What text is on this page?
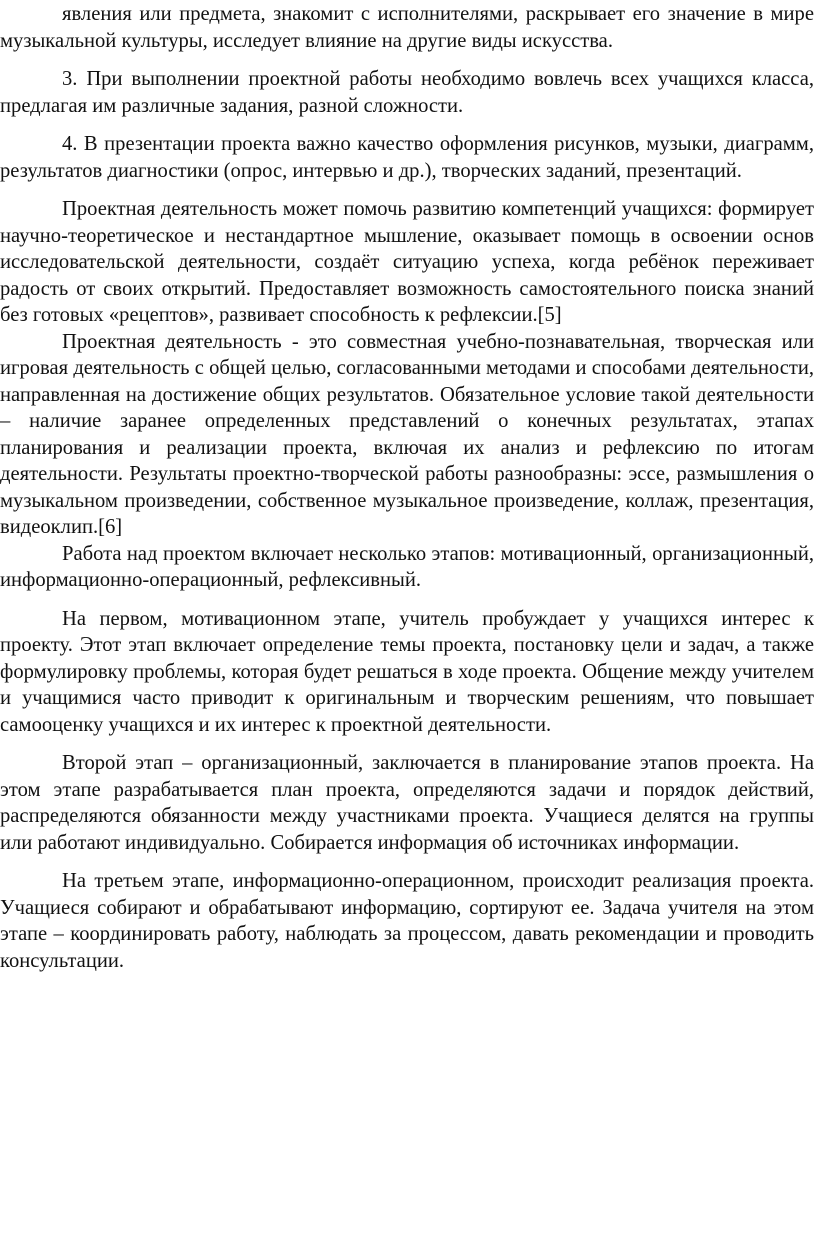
явления или предмета, знакомит с исполнителями, раскрывает его значение в мире музыкальной культуры, исследует влияние на другие виды искусства.

3. При выполнении проектной работы необходимо вовлечь всех учащихся класса, предлагая им различные задания, разной сложности.

4. В презентации проекта важно качество оформления рисунков, музыки, диаграмм, результатов диагностики (опрос, интервью и др.), творческих заданий, презентаций.

Проектная деятельность может помочь развитию компетенций учащихся: формирует научно-теоретическое и нестандартное мышление, оказывает помощь в освоении основ исследовательской деятельности, создаёт ситуацию успеха, когда ребёнок переживает радость от своих открытий. Предоставляет возможность самостоятельного поиска знаний без готовых «рецептов», развивает способность к рефлексии.[5]

Проектная деятельность - это совместная учебно-познавательная, творческая или игровая деятельность с общей целью, согласованными методами и способами деятельности, направленная на достижение общих результатов. Обязательное условие такой деятельности – наличие заранее определенных представлений о конечных результатах, этапах планирования и реализации проекта, включая их анализ и рефлексию по итогам деятельности. Результаты проектно-творческой работы разнообразны: эссе, размышления о музыкальном произведении, собственное музыкальное произведение, коллаж, презентация, видеоклип.[6]

Работа над проектом включает несколько этапов: мотивационный, организационный, информационно-операционный, рефлексивный.

На первом, мотивационном этапе, учитель пробуждает у учащихся интерес к проекту. Этот этап включает определение темы проекта, постановку цели и задач, а также формулировку проблемы, которая будет решаться в ходе проекта. Общение между учителем и учащимися часто приводит к оригинальным и творческим решениям, что повышает самооценку учащихся и их интерес к проектной деятельности.

Второй этап – организационный, заключается в планирование этапов проекта. На этом этапе разрабатывается план проекта, определяются задачи и порядок действий, распределяются обязанности между участниками проекта. Учащиеся делятся на группы или работают индивидуально. Собирается информация об источниках информации.

На третьем этапе, информационно-операционном, происходит реализация проекта. Учащиеся собирают и обрабатывают информацию, сортируют ее. Задача учителя на этом этапе – координировать работу, наблюдать за процессом, давать рекомендации и проводить консультации.
